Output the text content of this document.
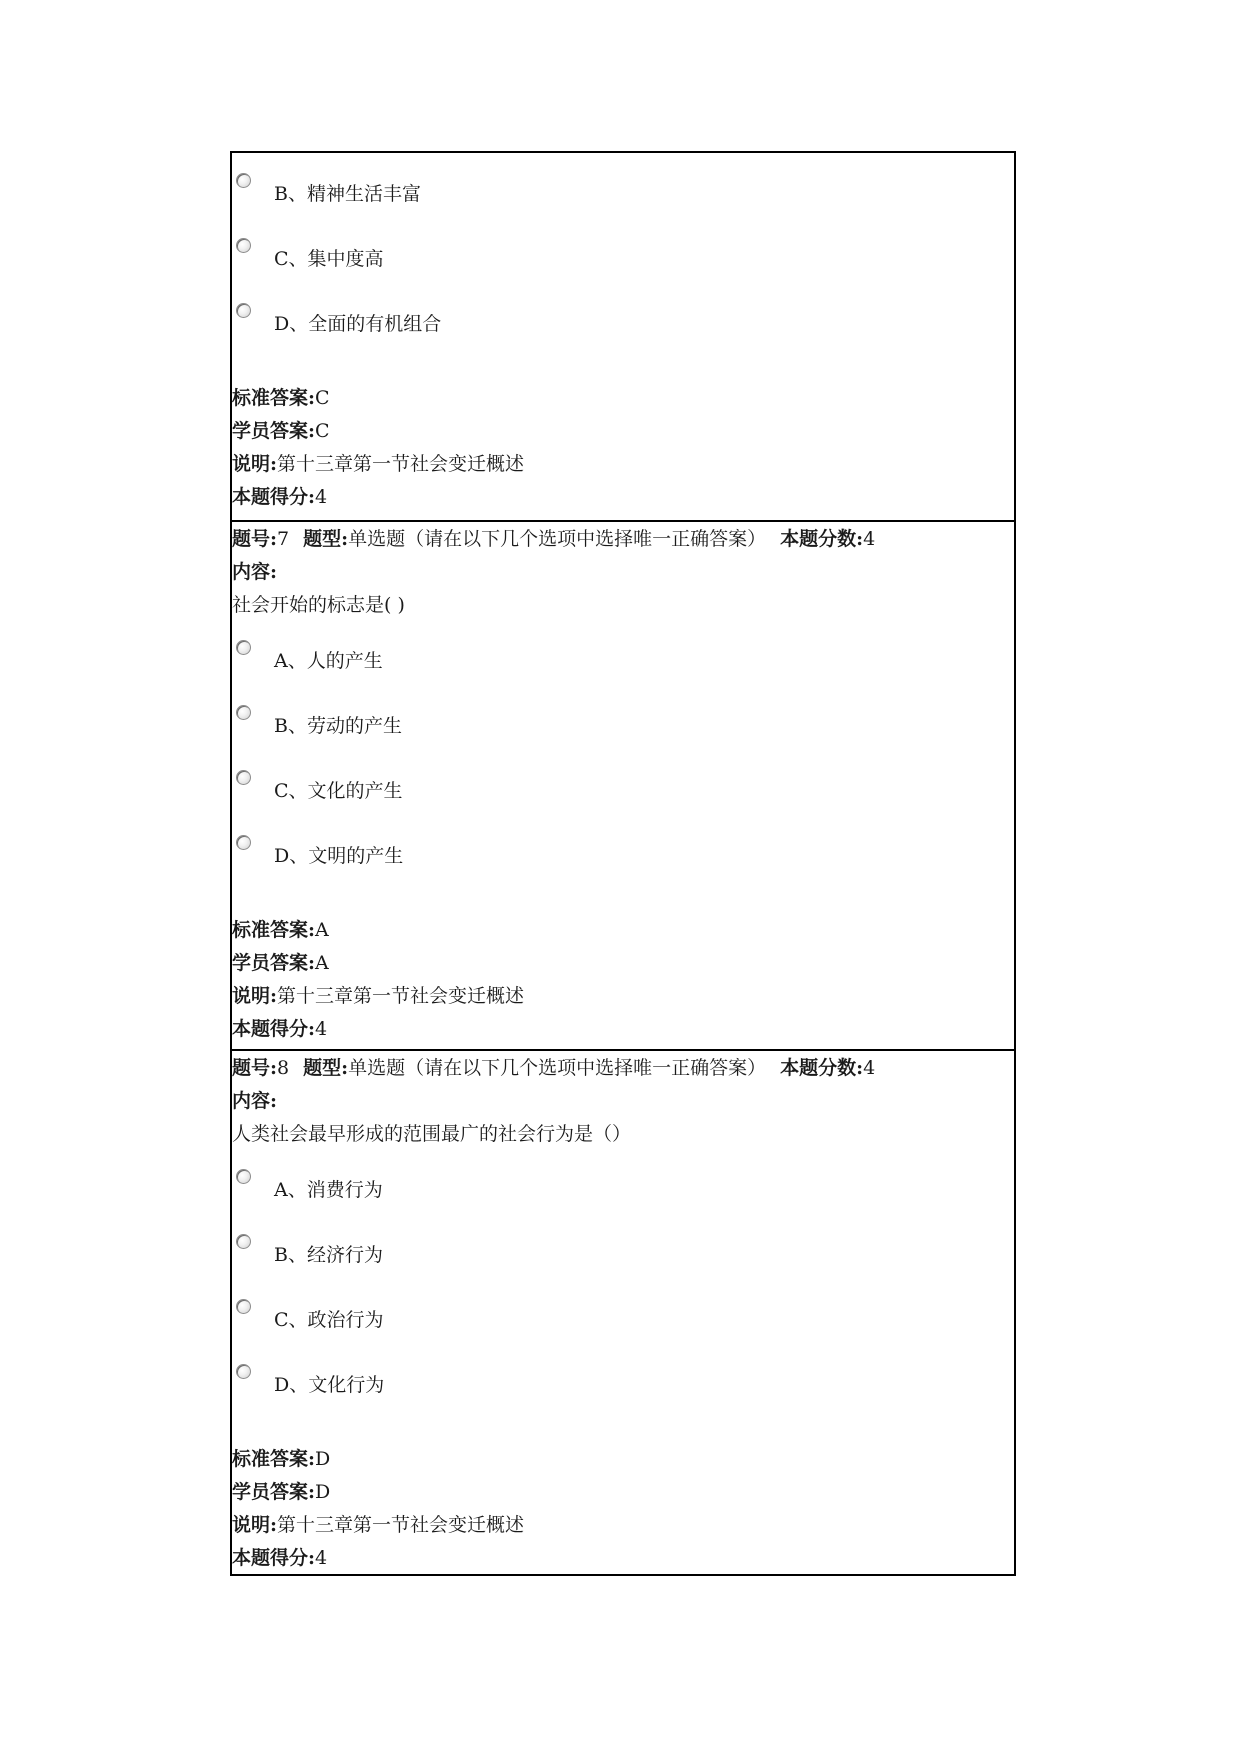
B、精神生活丰富
C、集中度高
D、全面的有机组合
标准答案:C
学员答案:C
说明:第十三章第一节社会变迁概述
本题得分:4
题号:7 题型:单选题（请在以下几个选项中选择唯一正确答案） 本题分数:4
内容:
社会开始的标志是( )
A、人的产生
B、劳动的产生
C、文化的产生
D、文明的产生
标准答案:A
学员答案:A
说明:第十三章第一节社会变迁概述
本题得分:4
题号:8 题型:单选题（请在以下几个选项中选择唯一正确答案） 本题分数:4
内容:
人类社会最早形成的范围最广的社会行为是（）
A、消费行为
B、经济行为
C、政治行为
D、文化行为
标准答案:D
学员答案:D
说明:第十三章第一节社会变迁概述
本题得分:4
